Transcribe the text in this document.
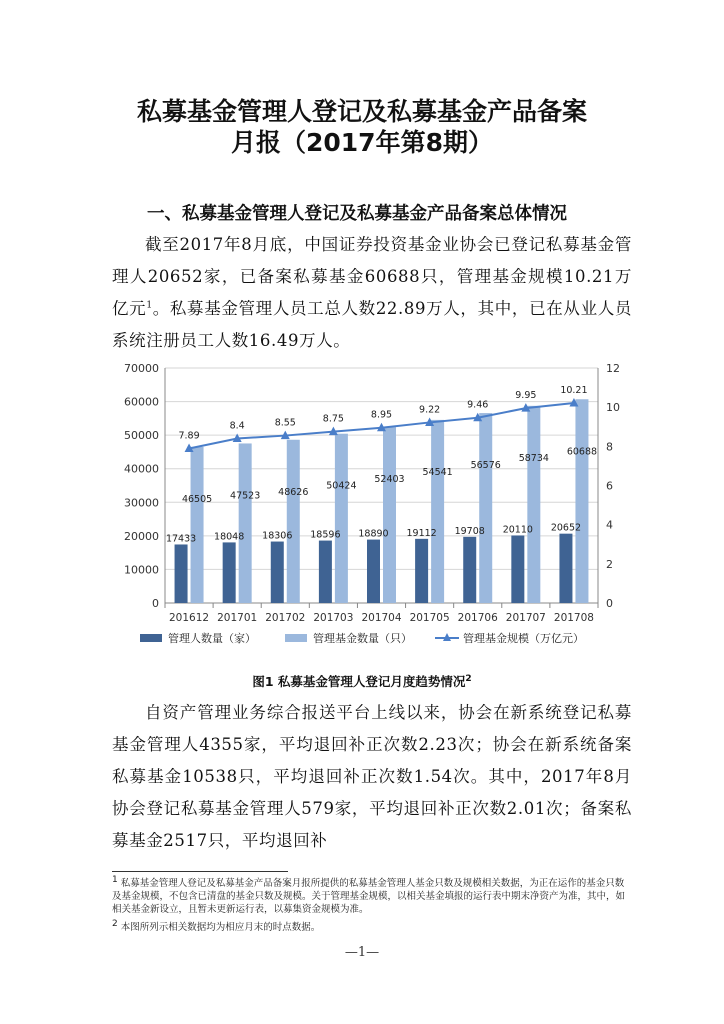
私募基金管理人登记及私募基金产品备案
月报（2017年第8期）
一、私募基金管理人登记及私募基金产品备案总体情况

截至2017年8月底，中国证券投资基金业协会已登记私募基金管理人20652家，已备案私募基金60688只，管理基金规模10.21万亿元$^1$。私募基金管理人员工总人数22.89万人，其中，已在从业人员系统注册员工人数16.49万人。

0
10000
20000
30000
40000
50000
60000
70000
0
2
4
6
8
10
12
201612 201701 201702 201703 201704 201705 201706 201707 201708
17433 18048 18306 18596 18890 19112 19708 20110 20652
46505 47523 48626
50424
52403
54541
56576
58734
60688
7.89
8.4	8.55	8.75	8.95	9.22	9.46
9.95	10.21
管理人数量（家）	管理基金数量（只）	管理基金规模（万亿元）
图1 私募基金管理人登记月度趋势情况$^2$

自资产管理业务综合报送平台上线以来，协会在新系统登记私募基金管理人4355家，平均退回补正次数2.23次；协会在新系统备案私募基金10538只，平均退回补正次数1.54次。其中，2017年8月协会登记私募基金管理人579家，平均退回补正次数2.01次；备案私募基金2517只，平均退回补

$^1$ 私募基金管理人登记及私募基金产品备案月报所提供的私募基金管理人基金只数及规模相关数据，为正在运作的基金只数及基金规模，不包含已清盘的基金只数及规模。关于管理基金规模，以相关基金填报的运行表中期末净资产为准，其中，如相关基金新设立，且暂未更新运行表，以募集资金规模为准。

$^2$ 本图所列示相关数据均为相应月末的时点数据。

—1—
